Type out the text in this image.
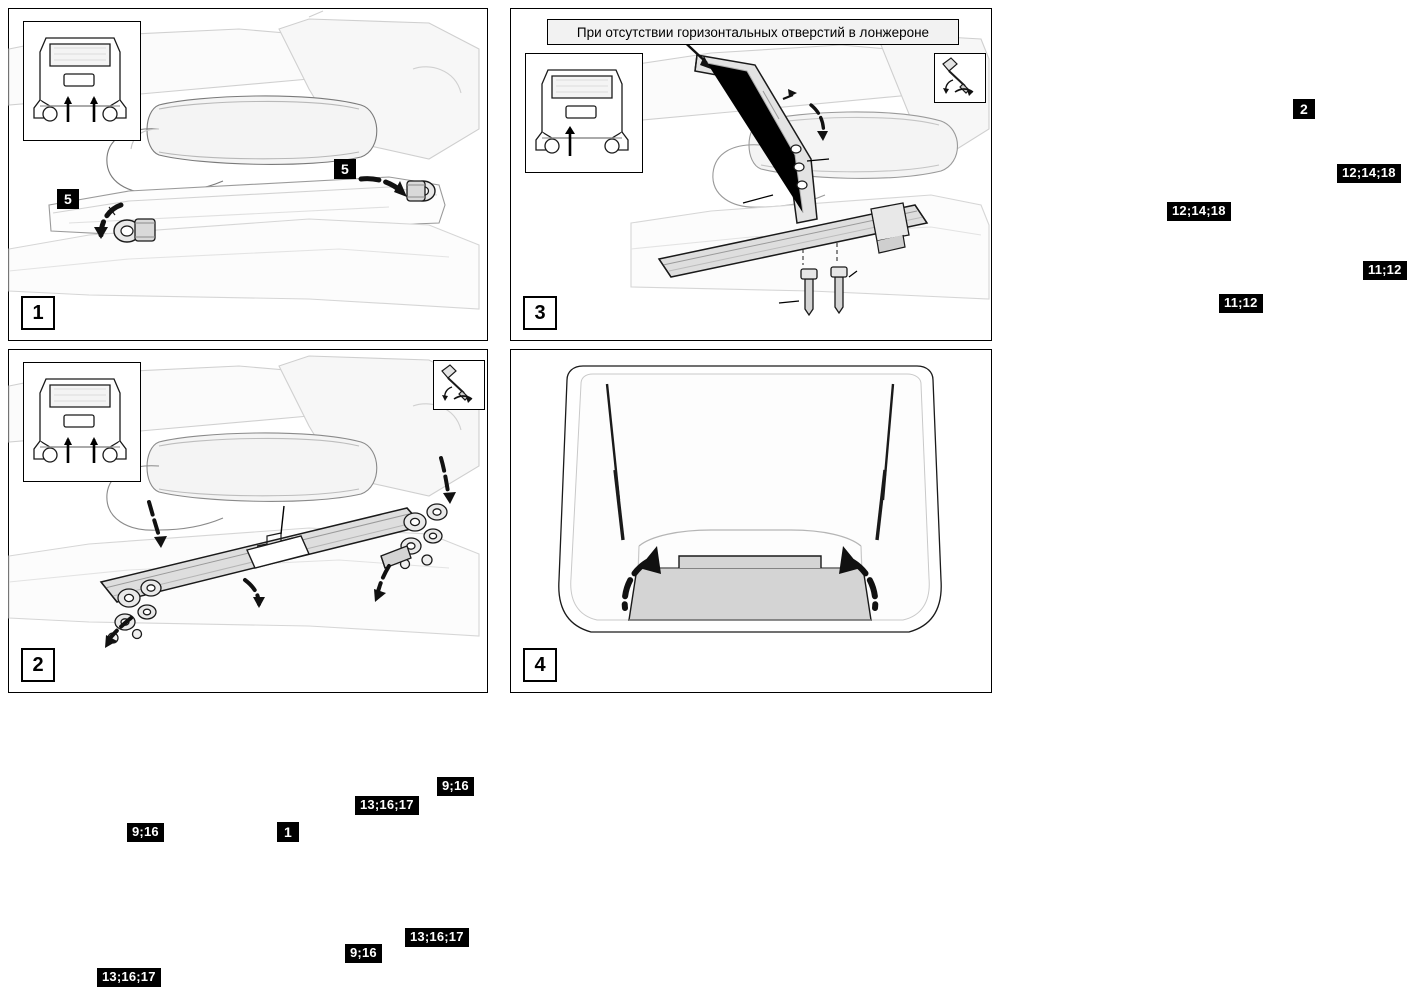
5
5
1
9;16	1
13;16;17
9;16
13;16;17
9;16
13;16;17
2
При отсутствии горизонтальных отверстий в лонжероне
2
12;14;18
12;14;18
11;12
11;12
3
4
